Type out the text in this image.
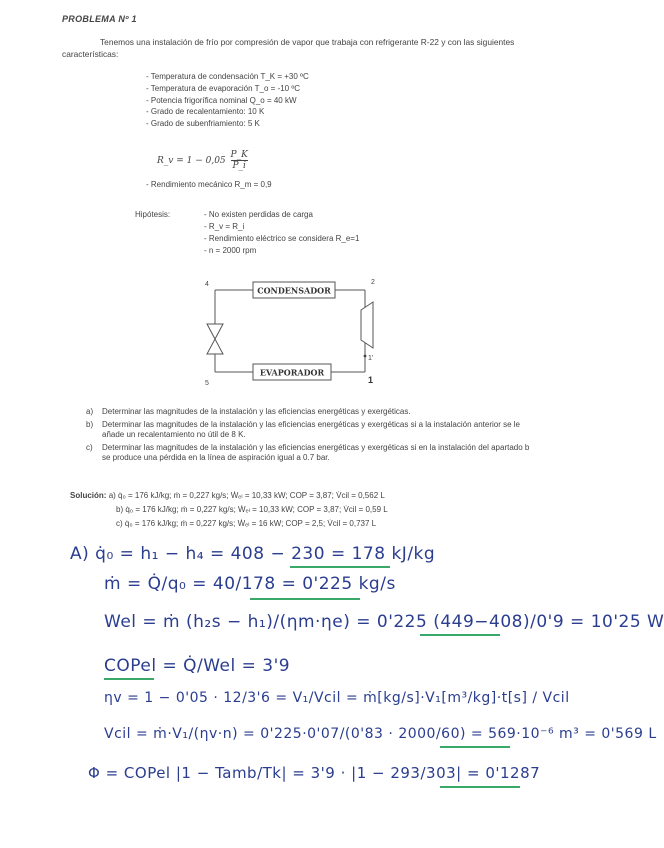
PROBLEMA Nº 1
Tenemos una instalación de frío por compresión de vapor que trabaja con refrigerante R-22 y con las siguientes características:
- Temperatura de condensación T_K = +30 ºC
- Temperatura de evaporación T_o = -10 ºC
- Potencia frigorífica nominal Q_o = 40 kW
- Grado de recalentamiento: 10 K
- Grado de subenfriamiento: 5 K
R_v = $1 - 0,05 \frac{P\_K}{P\_i}$
- Rendimiento mecánico R_m = 0,9
Hipótesis:	- No existen perdidas de carga
- R_v = R_i
- Rendimiento eléctrico se considera R_e=1
- n = 2000 rpm
CONDENSADOR
EVAPORADOR
4	2
1'
1
5
a)	Determinar las magnitudes de la instalación y las eficiencias energéticas y exergéticas.
b)	Determinar las magnitudes de la instalación y las eficiencias energéticas y exergéticas si a la instalación anterior se le añade un recalentamiento no útil de 8 K.
c)	Determinar las magnitudes de la instalación y las eficiencias energéticas y exergéticas si en la instalación del apartado b se produce una pérdida en la línea de aspiración igual a 0.7 bar.
Solución: a) q̇₀ = 176 kJ/kg; ṁ = 0,227 kg/s; Ẇₑₗ = 10,33 kW; COP = 3,87; V̇cil = 0,562 L
b) q̇₀ = 176 kJ/kg; ṁ = 0,227 kg/s; Ẇₑₗ = 10,33 kW; COP = 3,87; V̇cil = 0,59 L
c) q̇₀ = 176 kJ/kg; ṁ = 0,227 kg/s; Ẇₑₗ = 16 kW; COP = 2,5; V̇cil = 0,737 L
A) q̇₀ = h₁ − h₄ = 408 − 230 = 178 kJ/kg
ṁ = Q̇/q₀ = 40/178 = 0'225 kg/s
Wel = ṁ (h₂s − h₁)/(ηm·ηe) = 0'225 (449−408)/0'9 = 10'25 W
COPel = Q̇/Wel = 3'9
ηv = 1 − 0'05 · 12/3'6 = V₁/Vcil = ṁ[kg/s]·V₁[m³/kg]·t[s] / Vcil
Vcil = ṁ·V₁/(ηv·n) = 0'225·0'07/(0'83 · 2000/60) = 569·10⁻⁶ m³ = 0'569 L
Φ = COPel |1 − Tamb/Tk| = 3'9 · |1 − 293/303| = 0'1287
